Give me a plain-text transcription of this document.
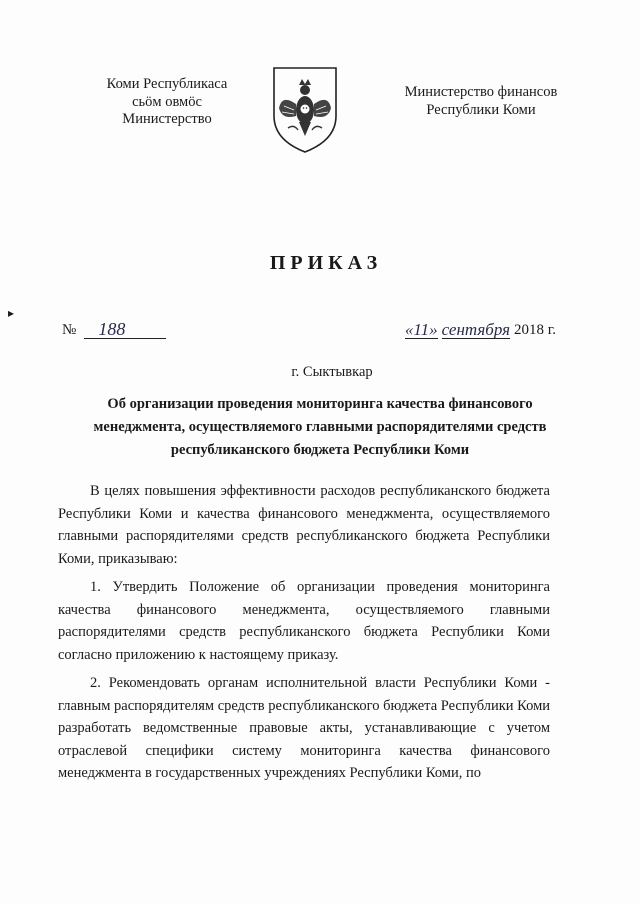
Коми Республикаса
сьӧм овмӧс
Министерство
Министерство финансов
Республики Коми
ПРИКАЗ
▸
№	188	« 11 » сентября 2018 г.
г. Сыктывкар
Об организации проведения мониторинга качества финансового менеджмента, осуществляемого главными распорядителями средств республиканского бюджета Республики Коми

В целях повышения эффективности расходов республиканского бюджета Республики Коми и качества финансового менеджмента, осуществляемого главными распорядителями средств республиканского бюджета Республики Коми, приказываю:

1. Утвердить Положение об организации проведения мониторинга качества финансового менеджмента, осуществляемого главными распорядителями средств республиканского бюджета Республики Коми согласно приложению к настоящему приказу.

2. Рекомендовать органам исполнительной власти Республики Коми - главным распорядителям средств республиканского бюджета Республики Коми разработать ведомственные правовые акты, устанавливающие с учетом отраслевой специфики систему мониторинга качества финансового менеджмента в государственных учреждениях Республики Коми, по
